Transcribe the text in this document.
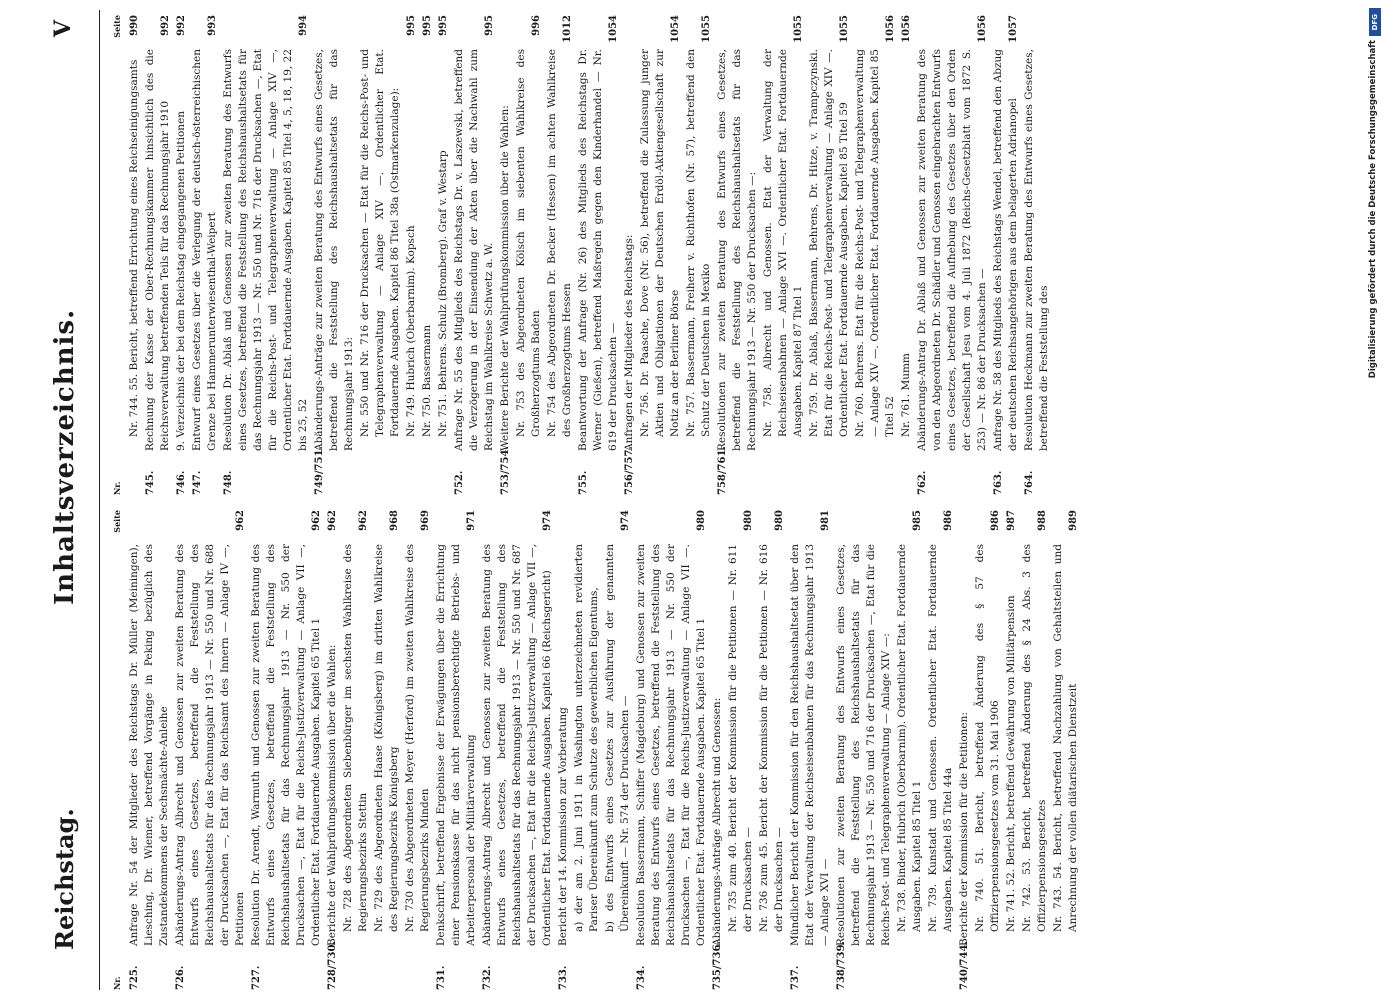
Reichstag.
Inhaltsverzeichnis.
V
Nr.
Seite
725.
Anfrage Nr. 54 der Mitglieder des Reichstags Dr. Müller (Meiningen), Liesching, Dr. Wiemer, betreffend Vorgänge in Peking bezüglich des Zustandekommens der Sechsmächte-Anleihe
726.
Abänderungs-Antrag Albrecht und Genossen zur zweiten Beratung des Entwurfs eines Gesetzes, betreffend die Feststellung des Reichshaushaltsetats für das Rechnungsjahr 1913 — Nr. 550 und Nr. 688 der Drucksachen —, Etat für das Reichsamt des Innern — Anlage IV —, Petitionen
962
727.
Resolution Dr. Arendt, Warmuth und Genossen zur zweiten Beratung des Entwurfs eines Gesetzes, betreffend die Feststellung des Reichshaushaltsetats für das Rechnungsjahr 1913 — Nr. 550 der Drucksachen —, Etat für die Reichs-Justizverwaltung — Anlage VII —, Ordentlicher Etat. Fortdauernde Ausgaben. Kapitel 65 Titel 1
962
728/730.
Berichte der Wahlprüfungskommission über die Wahlen:
962
Nr. 728 des Abgeordneten Siebenbürger im sechsten Wahlkreise des Regierungsbezirks Stettin
962
Nr. 729 des Abgeordneten Haase (Königsberg) im dritten Wahlkreise des Regierungsbezirks Königsberg
968
Nr. 730 des Abgeordneten Meyer (Herford) im zweiten Wahlkreise des Regierungsbezirks Minden
969
731.
Denkschrift, betreffend Ergebnisse der Erwägungen über die Errichtung einer Pensionskasse für das nicht pensionsberechtigte Betriebs- und Arbeiterpersonal der Militärverwaltung
971
732.
Abänderungs-Antrag Albrecht und Genossen zur zweiten Beratung des Entwurfs eines Gesetzes, betreffend die Feststellung des Reichshaushaltsetats für das Rechnungsjahr 1913 — Nr. 550 und Nr. 687 der Drucksachen —, Etat für die Reichs-Justizverwaltung — Anlage VII —, Ordentlicher Etat. Fortdauernde Ausgaben. Kapitel 66 (Reichsgericht)
974
733.
Bericht der 14. Kommission zur Vorberatung a) der am 2. Juni 1911 in Washington unterzeichneten revidierten Pariser Übereinkunft zum Schutze des gewerblichen Eigentums, b) des Entwurfs eines Gesetzes zur Ausführung der genannten Übereinkunft — Nr. 574 der Drucksachen —
974
734.
Resolution Bassermann, Schiffer (Magdeburg) und Genossen zur zweiten Beratung des Entwurfs eines Gesetzes, betreffend die Feststellung des Reichshaushaltsetats für das Rechnungsjahr 1913 — Nr. 550 der Drucksachen —, Etat für die Reichs-Justizverwaltung — Anlage VII —. Ordentlicher Etat. Fortdauernde Ausgaben. Kapitel 65 Titel 1
980
735/736.
Abänderungs-Anträge Albrecht und Genossen: Nr. 735 zum 40. Bericht der Kommission für die Petitionen — Nr. 611 der Drucksachen —
980
Nr. 736 zum 45. Bericht der Kommission für die Petitionen — Nr. 616 der Drucksachen —
980
737.
Mündlicher Bericht der Kommission für den Reichshaushaltsetat über den Etat der Verwaltung der Reichseisenbahnen für das Rechnungsjahr 1913 — Anlage XVI —
981
738/739.
Resolutionen zur zweiten Beratung des Entwurfs eines Gesetzes, betreffend die Feststellung des Reichshaushaltsetats für das Rechnungsjahr 1913 — Nr. 550 und 716 der Drucksachen —, Etat für die Reichs-Post- und Telegraphenverwaltung — Anlage XIV —: Nr. 738. Binder, Hubrich (Oberbarnim). Ordentlicher Etat. Fortdauernde Ausgaben. Kapitel 85 Titel 1
985
Nr. 739. Kunstadt und Genossen. Ordentlicher Etat. Fortdauernde Ausgaben. Kapitel 85 Titel 44a
986
740/744.
Berichte der Kommission für die Petitionen: Nr. 740. 51. Bericht, betreffend Änderung des § 57 des Offizierpensionsgesetzes vom 31. Mai 1906
986
Nr. 741. 52. Bericht, betreffend Gewährung von Militärpension
987
Nr. 742. 53. Bericht, betreffend Änderung des § 24 Abs. 3 des Offizierpensionsgesetzes
988
Nr. 743. 54. Bericht, betreffend Nachzahlung von Gehaltsteilen und Anrechnung der vollen diätarischen Dienstzeit
989
Nr.
Seite
Nr. 744. 55. Bericht, betreffend Errichtung eines Reichseinigungsamts
990
745.
Rechnung der Kasse der Ober-Rechnungskammer hinsichtlich des die Reichsverwaltung betreffenden Teils für das Rechnungsjahr 1910
992
746.
9. Verzeichnis der bei dem Reichstag eingegangenen Petitionen
992
747.
Entwurf eines Gesetzes über die Verlegung der deutsch-österreichischen Grenze bei Hammerunterwiesenthal-Weipert
993
748.
Resolution Dr. Ablaß und Genossen zur zweiten Beratung des Entwurfs eines Gesetzes, betreffend die Feststellung des Reichshaushaltsetats für das Rechnungsjahr 1913 — Nr. 550 und Nr. 716 der Drucksachen —, Etat für die Reichs-Post- und Telegraphenverwaltung — Anlage XIV —, Ordentlicher Etat. Fortdauernde Ausgaben. Kapitel 85 Titel 4, 5, 18, 19, 22 bis 25, 52
994
749/751.
Abänderungs-Anträge zur zweiten Beratung des Entwurfs eines Gesetzes, betreffend die Feststellung des Reichshaushaltsetats für das Rechnungsjahr 1913: Nr. 550 und Nr. 716 der Drucksachen — Etat für die Reichs-Post- und Telegraphenverwaltung — Anlage XIV —. Ordentlicher Etat. Fortdauernde Ausgaben. Kapitel 86 Titel 38a (Ostmarkenzulage): Nr. 749. Hubrich (Oberbarnim). Kopsch
995
Nr. 750. Bassermann
995
Nr. 751. Behrens. Schulz (Bromberg). Graf v. Westarp
995
752.
Anfrage Nr. 55 des Mitglieds des Reichstags Dr. v. Laszewski, betreffend die Verzögerung in der Einsendung der Akten über die Nachwahl zum Reichstag im Wahlkreise Schwetz a. W.
995
753/754.
Weitere Berichte der Wahlprüfungskommission über die Wahlen: Nr. 753 des Abgeordneten Kölsch im siebenten Wahlkreise des Großherzogtums Baden
996
Nr. 754 des Abgeordneten Dr. Becker (Hessen) im achten Wahlkreise des Großherzogtums Hessen
1012
755.
Beantwortung der Anfrage (Nr. 26) des Mitglieds des Reichstags Dr. Werner (Gießen), betreffend Maßregeln gegen den Kinderhandel — Nr. 619 der Drucksachen —
1054
756/757.
Anfragen der Mitglieder des Reichstags: Nr. 756. Dr. Paasche, Dove (Nr. 56), betreffend die Zulassung junger Aktien und Obligationen der Deutschen Erdöl-Aktiengesellschaft zur Notiz an der Berliner Börse
1054
Nr. 757. Bassermann, Freiherr v. Richthofen (Nr. 57), betreffend den Schutz der Deutschen in Mexiko
1055
758/761.
Resolutionen zur zweiten Beratung des Entwurfs eines Gesetzes, betreffend die Feststellung des Reichshaushaltsetats für das Rechnungsjahr 1913 — Nr. 550 der Drucksachen —: Nr. 758. Albrecht und Genossen. Etat der Verwaltung der Reichseisenbahnen — Anlage XVI —. Ordentlicher Etat. Fortdauernde Ausgaben. Kapitel 87 Titel 1
1055
Nr. 759. Dr. Ablaß, Bassermann, Behrens, Dr. Hitze, v. Trampczynski. Etat für die Reichs-Post- und Telegraphenverwaltung — Anlage XIV —. Ordentlicher Etat. Fortdauernde Ausgaben. Kapitel 85 Titel 59
1055
Nr. 760. Behrens. Etat für die Reichs-Post- und Telegraphenverwaltung — Anlage XIV —. Ordentlicher Etat. Fortdauernde Ausgaben. Kapitel 85 Titel 52
1056
Nr. 761. Mumm
1056
762.
Abänderungs-Antrag Dr. Ablaß und Genossen zur zweiten Beratung des von den Abgeordneten Dr. Schädler und Genossen eingebrachten Entwurfs eines Gesetzes, betreffend die Aufhebung des Gesetzes über den Orden der Gesellschaft Jesu vom 4. Juli 1872 (Reichs-Gesetzblatt vom 1872 S. 253) — Nr. 86 der Drucksachen —
1056
763.
Anfrage Nr. 58 des Mitglieds des Reichstags Wendel, betreffend den Abzug der deutschen Reichsangehörigen aus dem belagerten Adrianopel
1057
764.
Resolution Heckmann zur zweiten Beratung des Entwurfs eines Gesetzes, betreffend die Feststellung des
DFG
Digitalisierung gefördert durch die Deutsche Forschungsgemeinschaft
